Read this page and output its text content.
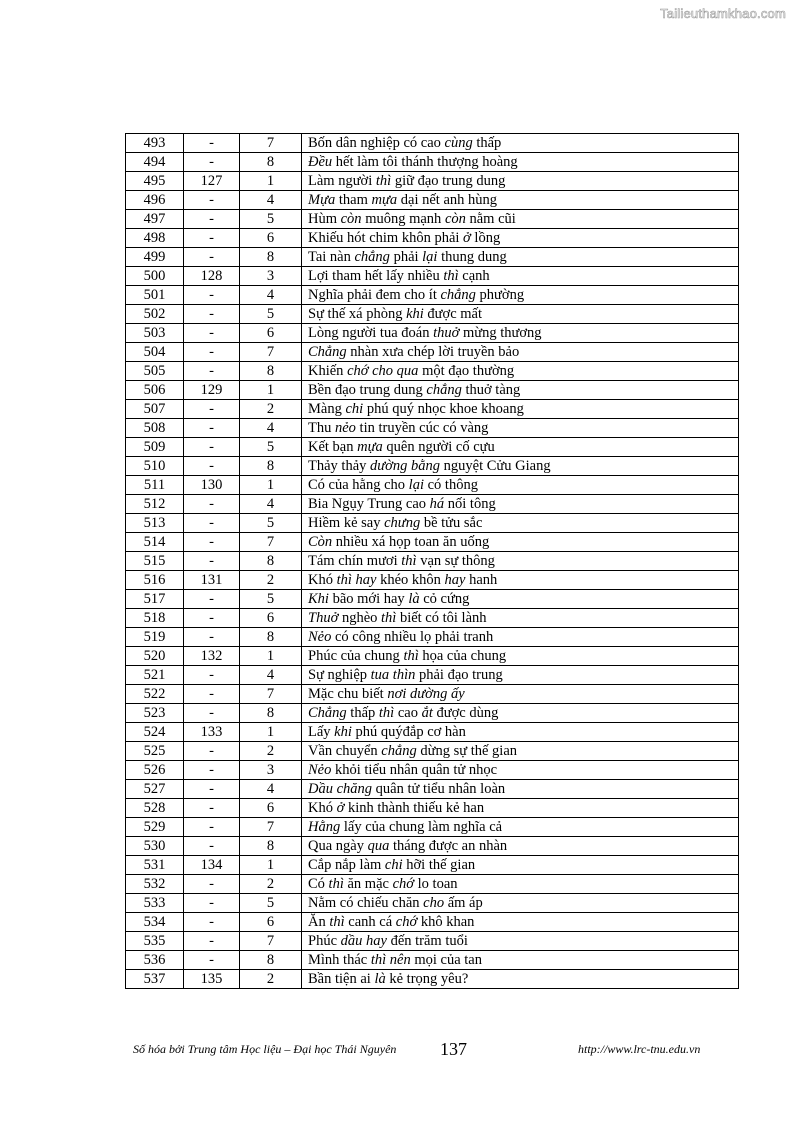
Tailieuthamkhao.com
493	-	7	Bốn dân nghiệp có cao cùng thấp
494	-	8	Đều hết làm tôi thánh thượng hoàng
495	127	1	Làm người thì giữ đạo trung dung
496	-	4	Mựa tham mựa dại nết anh hùng
497	-	5	Hùm còn muông mạnh còn nằm cũi
498	-	6	Khiếu hót chim khôn phải ở lồng
499	-	8	Tai nàn chẳng phải lại thung dung
500	128	3	Lợi tham hết lấy nhiều thì cạnh
501	-	4	Nghĩa phải đem cho ít chẳng phường
502	-	5	Sự thế xá phòng khi được mất
503	-	6	Lòng người tua đoán thuở mừng thương
504	-	7	Chẳng nhàn xưa chép lời truyền bảo
505	-	8	Khiến chớ cho qua một đạo thường
506	129	1	Bền đạo trung dung chẳng thuở tàng
507	-	2	Màng chi phú quý nhọc khoe khoang
508	-	4	Thu nẻo tin truyền cúc có vàng
509	-	5	Kết bạn mựa quên người cố cựu
510	-	8	Thảy thảy dường bằng nguyệt Cửu Giang
511	130	1	Có của hằng cho lại có thông
512	-	4	Bia Ngụy Trung cao há nối tông
513	-	5	Hiềm kẻ say chưng bề tửu sắc
514	-	7	Còn nhiều xá họp toan ăn uống
515	-	8	Tám chín mươi thì vạn sự thông
516	131	2	Khó thì hay khéo khôn hay hanh
517	-	5	Khi bão mới hay là cỏ cứng
518	-	6	Thuở nghèo thì biết có tôi lành
519	-	8	Nẻo có công nhiều lọ phải tranh
520	132	1	Phúc của chung thì họa của chung
521	-	4	Sự nghiệp tua thìn phải đạo trung
522	-	7	Mặc chu biết nơi dường ấy
523	-	8	Chẳng thấp thì cao ắt được dùng
524	133	1	Lấy khi phú quýđắp cơ hàn
525	-	2	Vần chuyển chẳng dừng sự thế gian
526	-	3	Nẻo khỏi tiểu nhân quân tử nhọc
527	-	4	Dầu chăng quân tử tiểu nhân loàn
528	-	6	Khó ở kinh thành thiếu kẻ han
529	-	7	Hằng lấy của chung làm nghĩa cả
530	-	8	Qua ngày qua tháng được an nhàn
531	134	1	Cắp nắp làm chi hỡi thế gian
532	-	2	Có thì ăn mặc chớ lo toan
533	-	5	Nằm có chiếu chăn cho ấm áp
534	-	6	Ăn thì canh cá chớ khô khan
535	-	7	Phúc dầu hay đến trăm tuổi
536	-	8	Mình thác thì nên mọi của tan
537	135	2	Bần tiện ai là kẻ trọng yêu?
Số hóa bởi Trung tâm Học liệu – Đại học Thái Nguyên 137	http://www.lrc-tnu.edu.vn
